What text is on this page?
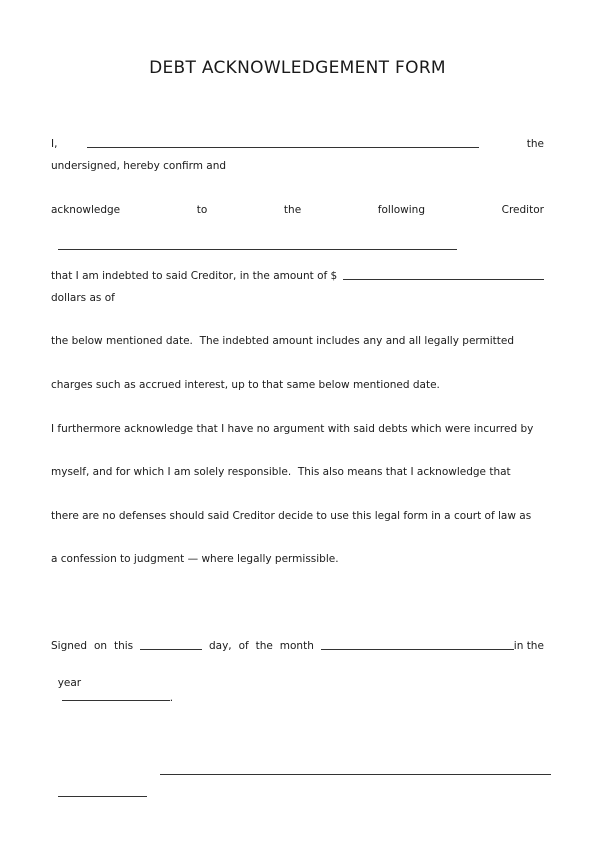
DEBT ACKNOWLEDGEMENT FORM
I,	the
undersigned, hereby confirm and
acknowledge	to	the	following	Creditor

that I am indebted to said Creditor, in the amount of $
dollars as of
the below mentioned date.  The indebted amount includes any and all legally permitted
charges such as accrued interest, up to that same below mentioned date.
I furthermore acknowledge that I have no argument with said debts which were incurred by
myself, and for which I am solely responsible.  This also means that I acknowledge that
there are no defenses should said Creditor decide to use this legal form in a court of law as
a confession to judgment — where legally permissible.
Signed on this	day, of the month	in the

year
.
